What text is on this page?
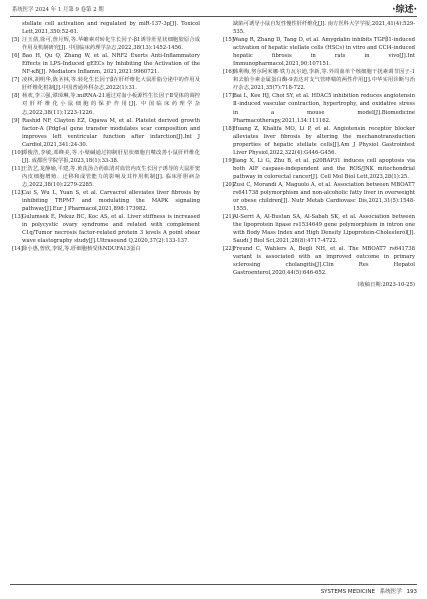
系统医学 2024 年 1 月第 9 卷第 2 期	·综述·
stellate cell activation and regulated by miR-137-3p[J]. Toxicol Lett,2021,350:52-61.
[5] 汪玉倩,徐可,詹月辉,等.华蟾素对转化生长因子-β1诱导肝星状细胞胶原合成作用及机制研究[J]. 中国临床药理学杂志,2022,38(13):1452-1456.
[6] Bao H, Qu Q, Zhang W, et al. NRF2 Exerts Anti-Inflammatory Effects in LPS-Induced gEECs by Inhibiting the Activation of the NF-κB[J]. Mediators Inflamm, 2021,2021:9960721.
[7] 凌林,胡明华,陈圣林,等.转化生长因子β在肝纤维化大鼠肝脂分泌中的作用及肝纤维化机制[J].中国普通外科杂志,2022(1):31.
[8] 杨欢,李三强,谭璋琳,等.miRNA-21通过对血小板源性生长因子Ⅱ受体的调控对肝纤维化小鼠细胞的保护作用[J]. 中国临床药理学杂志,2022,38(11):1223-1226.
[9] Rashid NF, Clayton EZ, Ogawa M, et al. Platelet derived growth factor-A (Pdgf-a) gene transfer modulates scar composition and improves left ventricular function after infarction[J].Int J Cardiol,2021,341:24-30.
[10] 谭俊浩,李敏,邓峰美,等.小檗碱通过抑制肝星状细胞自噬改善小鼠肝纤维化[J]. 成都医学院学报,2023,18(1):33-38.
[11] 王浩艺,龙静瑜,平建,等.黄芪汤合药血清对血管内皮生长因子诱导的大鼠肝窦内皮细胞增殖、迁移和成管能力的影响及其作用机制[J]. 临床肝胆病杂志,2022,38(10):2279-2285.
[12] Cai S, Wu L, Yuan S, et al. Carvacrol alleviates liver fibrosis by inhibiting TRPM7 and modulating the MAPK signaling pathway[J].Eur J Pharmacol,2021,898:173982.
[13] Gulumsek E, Pekuz BC, Koc AS, et al. Liver stiffness is increased in polycystic ovary syndrome and related with complement C1q/Tumor necrosis factor-related protein 3 levels A point shear wave elastography study[J].Ultrasound Q,2020,37(2):133-137.
[14] 徐小惠,曾欣,李锐,等.肝细胞核受体NDUFA13蛋白
缺陷可诱导小鼠自发性慢性肝纤维化[J]. 南方医科大学学报,2021,41(4):529-535.
[15] Wang R, Zhang D, Tang D, et al. Amygdalin inhibits TGFβ1-induced activation of hepatic stellate cells (HSCs) in vitro and CCl4-induced hepatic fibrosis in rats in vivo[J].Int Immunopharmacol,2021,90:107151.
[16] 韩利梅,努尔阿米娜·铁力瓦尔迪,李新,等.外周血单个核细胞干扰素调节因子-1和去胎全素金属蛋白酶-9表达对支气管哮喘的两性作用[J].中华实用诊断与治疗杂志,2021,35(7):718-722.
[17] Bai L, Kee HJ, Choi SY, et al. HDAC5 inhibition reduces angiotensin Ⅱ-induced vascular contraction, hypertrophy, and oxidative stress in a mouse model[J].Biomedicine Pharmacotherapy,2021,134:111162.
[18] Huang Z, Khalifa MO, Li P, et al. Angiotensin receptor blocker alleviates liver fibrosis by altering the mechanotransduction properties of hepatic stellate cells[J].Am J Physiol Gastrointest Liver Physiol,2022,322(4):G446-G456.
[19] Jiang X, Li G, Zhu B, et al. p20BAP31 induces cell apoptosis via both AIF caspase-independent and the ROS/JNK mitochondrial pathway in colorectal cancer[J]. Cell Mol Biol Lett,2023,28(1):25.
[20] Zusi C, Morandi A, Maguolo A, et al. Association between MBOAT7 rs641738 polymorphism and non-alcoholic fatty liver in overweight or obese children[J]. Nutr Metab Cardiovasc Dis,2021,31(5):1548-1555.
[21] Al-Serri A, Al-Bustan SA, Al-Sabah SK, et al. Association between the lipoprotein lipase rs1534649 gene polymorphism in intron one with Body Mass Index and High Density Lipoprotein-Cholesterol[J]. Saudi J Biol Sci,2021,28(8):4717-4722.
[22] Freund C, Wahlers A, Begli NH, et al. The MBOAT7 rs641738 variant is associated with an improved outcome in primary sclerosing cholangitis[J].Clin Res Hepatol Gastroenterol,2020,44(5):646-652.
(收稿日期:2023-10-25)
SYSTEMS MEDICINE 系统医学 193
